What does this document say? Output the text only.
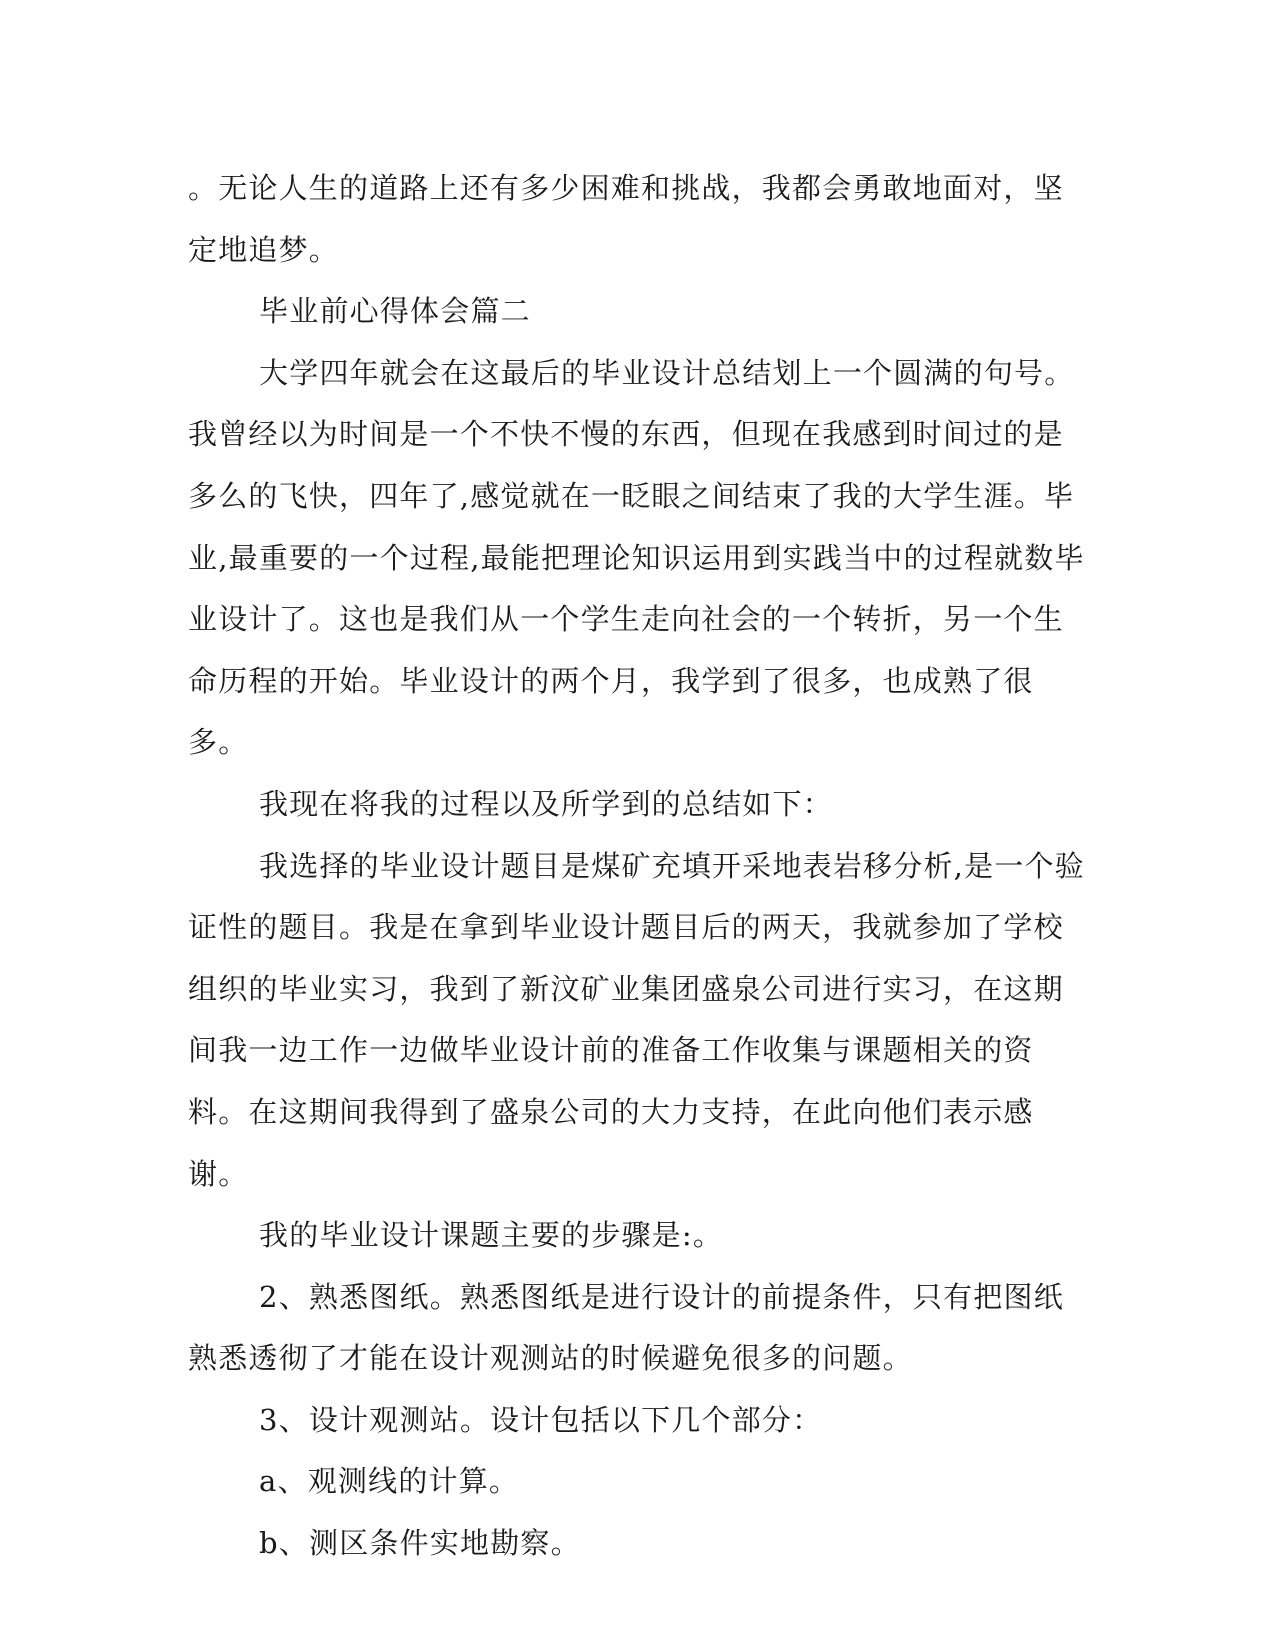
。无论人生的道路上还有多少困难和挑战，我都会勇敢地面对，坚定地追梦。

毕业前心得体会篇二

大学四年就会在这最后的毕业设计总结划上一个圆满的句号。我曾经以为时间是一个不快不慢的东西，但现在我感到时间过的是多么的飞快，四年了,感觉就在一眨眼之间结束了我的大学生涯。毕业,最重要的一个过程,最能把理论知识运用到实践当中的过程就数毕业设计了。这也是我们从一个学生走向社会的一个转折，另一个生命历程的开始。毕业设计的两个月，我学到了很多，也成熟了很多。

我现在将我的过程以及所学到的总结如下：

我选择的毕业设计题目是煤矿充填开采地表岩移分析,是一个验证性的题目。我是在拿到毕业设计题目后的两天，我就参加了学校组织的毕业实习，我到了新汶矿业集团盛泉公司进行实习，在这期间我一边工作一边做毕业设计前的准备工作收集与课题相关的资料。在这期间我得到了盛泉公司的大力支持，在此向他们表示感谢。

我的毕业设计课题主要的步骤是:。

2、熟悉图纸。熟悉图纸是进行设计的前提条件，只有把图纸熟悉透彻了才能在设计观测站的时候避免很多的问题。

3、设计观测站。设计包括以下几个部分：

a、观测线的计算。

b、测区条件实地勘察。
